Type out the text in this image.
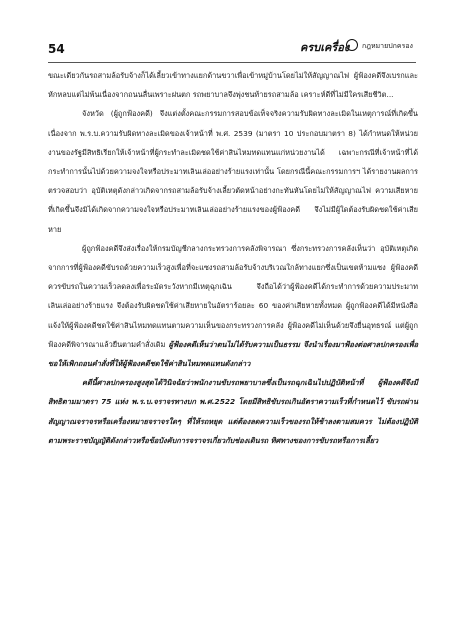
54	ครบเครื่อง กฎหมายปกครอง

ขณะเดียวกันรถสามล้อรับจ้างก็ได้เลี้ยวเข้าทางแยกด้านขวาเพื่อเข้าหมู่บ้านโดยไม่ให้สัญญาณไฟ ผู้ฟ้องคดีจึงเบรกและหักหลบแต่ไม่พ้นเนื่องจากถนนลื่นเพราะฝนตก รถพยาบาลจึงพุ่งชนท้ายรถสามล้อ เคราะห์ดีที่ไม่มีใครเสียชีวิต...

จังหวัด (ผู้ถูกฟ้องคดี) จึงแต่งตั้งคณะกรรมการสอบข้อเท็จจริงความรับผิดทางละเมิดในเหตุการณ์ที่เกิดขึ้น เนื่องจาก พ.ร.บ.ความรับผิดทางละเมิดของเจ้าหน้าที่ พ.ศ. 2539 (มาตรา 10 ประกอบมาตรา 8) ได้กำหนดให้หน่วยงานของรัฐมีสิทธิเรียกให้เจ้าหน้าที่ผู้กระทำละเมิดชดใช้ค่าสินไหมทดแทนแก่หน่วยงานได้ เฉพาะกรณีที่เจ้าหน้าที่ได้กระทำการนั้นไปด้วยความจงใจหรือประมาทเลินเล่ออย่างร้ายแรงเท่านั้น โดยกรณีนี้คณะกรรมการฯ ได้รายงานผลการตรวจสอบว่า อุบัติเหตุดังกล่าวเกิดจากรถสามล้อรับจ้างเลี้ยวตัดหน้าอย่างกะทันหันโดยไม่ให้สัญญาณไฟ ความเสียหายที่เกิดขึ้นจึงมิได้เกิดจากความจงใจหรือประมาทเลินเล่ออย่างร้ายแรงของผู้ฟ้องคดี จึงไม่มีผู้ใดต้องรับผิดชดใช้ค่าเสียหาย

ผู้ถูกฟ้องคดีจึงส่งเรื่องให้กรมบัญชีกลางกระทรวงการคลังพิจารณา ซึ่งกระทรวงการคลังเห็นว่า อุบัติเหตุเกิดจากการที่ผู้ฟ้องคดีขับรถด้วยความเร็วสูงเพื่อที่จะแซงรถสามล้อรับจ้างบริเวณใกล้ทางแยกซึ่งเป็นเขตห้ามแซง ผู้ฟ้องคดีควรขับรถในความเร็วลดลงเพื่อระมัดระวังหากมีเหตุฉุกเฉิน จึงถือได้ว่าผู้ฟ้องคดีได้กระทำการด้วยความประมาทเลินเล่ออย่างร้ายแรง จึงต้องรับผิดชดใช้ค่าเสียหายในอัตราร้อยละ 60 ของค่าเสียหายทั้งหมด ผู้ถูกฟ้องคดีได้มีหนังสือแจ้งให้ผู้ฟ้องคดีชดใช้ค่าสินไหมทดแทนตามความเห็นของกระทรวงการคลัง ผู้ฟ้องคดีไม่เห็นด้วยจึงยื่นอุทธรณ์ แต่ผู้ถูกฟ้องคดีพิจารณาแล้วยืนตามคำสั่งเดิม ผู้ฟ้องคดีเห็นว่าตนไม่ได้รับความเป็นธรรม จึงนำเรื่องมาฟ้องต่อศาลปกครองเพื่อขอให้เพิกถอนคำสั่งที่ให้ผู้ฟ้องคดีชดใช้ค่าสินไหมทดแทนดังกล่าว

คดีนี้ศาลปกครองสูงสุดได้วินิจฉัยว่าพนักงานขับรถพยาบาลซึ่งเป็นรถฉุกเฉินไปปฏิบัติหน้าที่ ผู้ฟ้องคดีจึงมีสิทธิตามมาตรา 75 แห่ง พ.ร.บ.จราจรทางบก พ.ศ.2522 โดยมีสิทธิขับรถเกินอัตราความเร็วที่กำหนดไว้ ขับรถผ่านสัญญาณจราจรหรือเครื่องหมายจราจรใดๆ ที่ให้รถหยุด แต่ต้องลดความเร็วของรถให้ช้าลงตามสมควร ไม่ต้องปฏิบัติตามพระราชบัญญัติดังกล่าวหรือข้อบังคับการจราจรเกี่ยวกับช่องเดินรถ ทิศทางของการขับรถหรือการเลี้ยว
